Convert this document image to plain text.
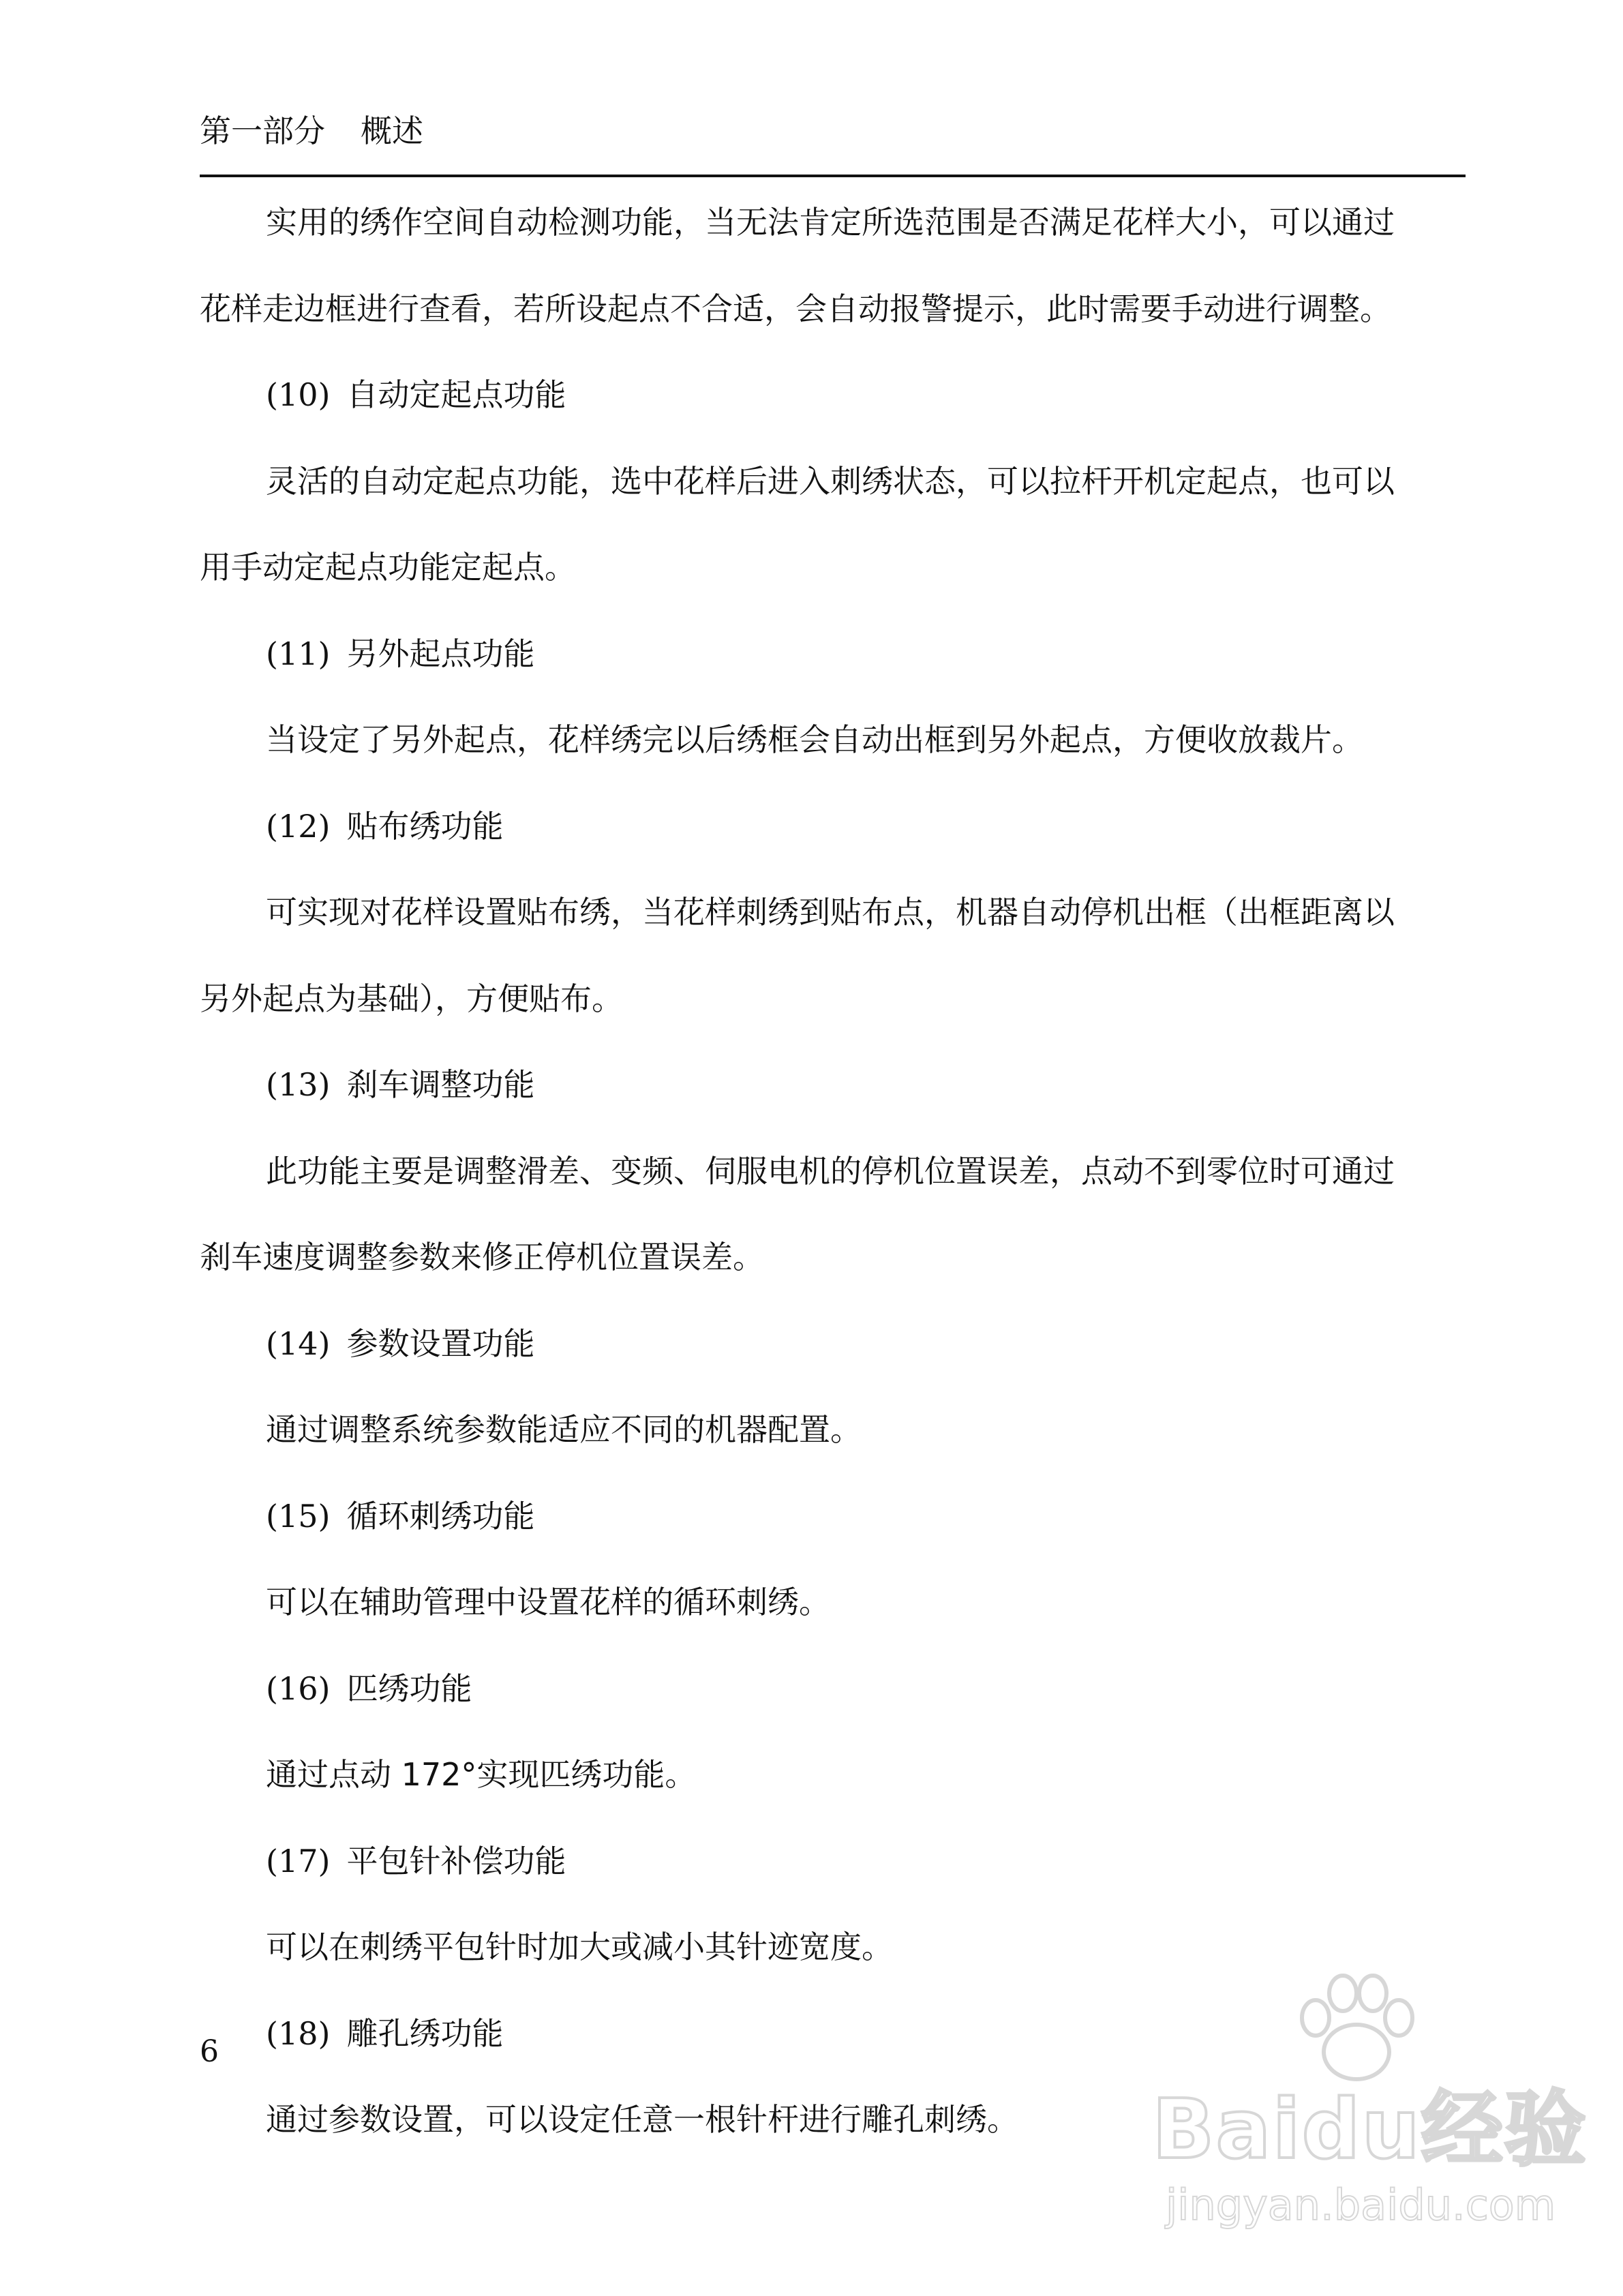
第一部分 概述
实用的绣作空间自动检测功能，当无法肯定所选范围是否满足花样大小，可以通过
花样走边框进行查看，若所设起点不合适，会自动报警提示，此时需要手动进行调整。
(10) 自动定起点功能
灵活的自动定起点功能，选中花样后进入刺绣状态，可以拉杆开机定起点，也可以
用手动定起点功能定起点。
(11) 另外起点功能
当设定了另外起点，花样绣完以后绣框会自动出框到另外起点，方便收放裁片。
(12) 贴布绣功能
可实现对花样设置贴布绣，当花样刺绣到贴布点，机器自动停机出框（出框距离以
另外起点为基础），方便贴布。
(13) 刹车调整功能
此功能主要是调整滑差、变频、伺服电机的停机位置误差，点动不到零位时可通过
刹车速度调整参数来修正停机位置误差。
(14) 参数设置功能
通过调整系统参数能适应不同的机器配置。
(15) 循环刺绣功能
可以在辅助管理中设置花样的循环刺绣。
(16) 匹绣功能
通过点动 172°实现匹绣功能。
(17) 平包针补偿功能
可以在刺绣平包针时加大或减小其针迹宽度。
(18) 雕孔绣功能
通过参数设置，可以设定任意一根针杆进行雕孔刺绣。
6
Baidu经验
jingyan.baidu.com
